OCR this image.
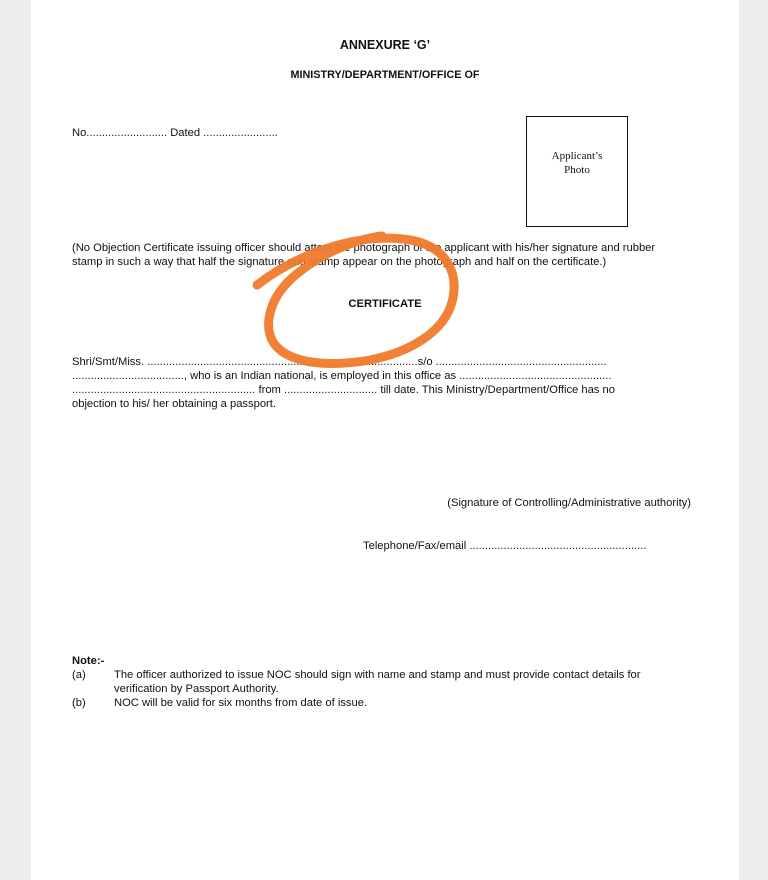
ANNEXURE ‘G’
MINISTRY/DEPARTMENT/OFFICE OF
No.......................... Dated ........................
Applicant’s
Photo
(No Objection Certificate issuing officer should attest the photograph of the applicant with his/her signature and rubber
stamp in such a way that half the signature and stamp appear on the photograph and half on the certificate.)
CERTIFICATE
Shri/Smt/Miss. .......................................................................................s/o .......................................................
...................................., who is an Indian national, is employed in this office as .................................................
........................................................... from .............................. till date. This Ministry/Department/Office has no
objection to his/ her obtaining a passport.
(Signature of Controlling/Administrative authority)
Telephone/Fax/email .........................................................
Note:-
(a)	The officer authorized to issue NOC should sign with name and stamp and must provide contact details for
verification by Passport Authority.
(b)	NOC will be valid for six months from date of issue.
